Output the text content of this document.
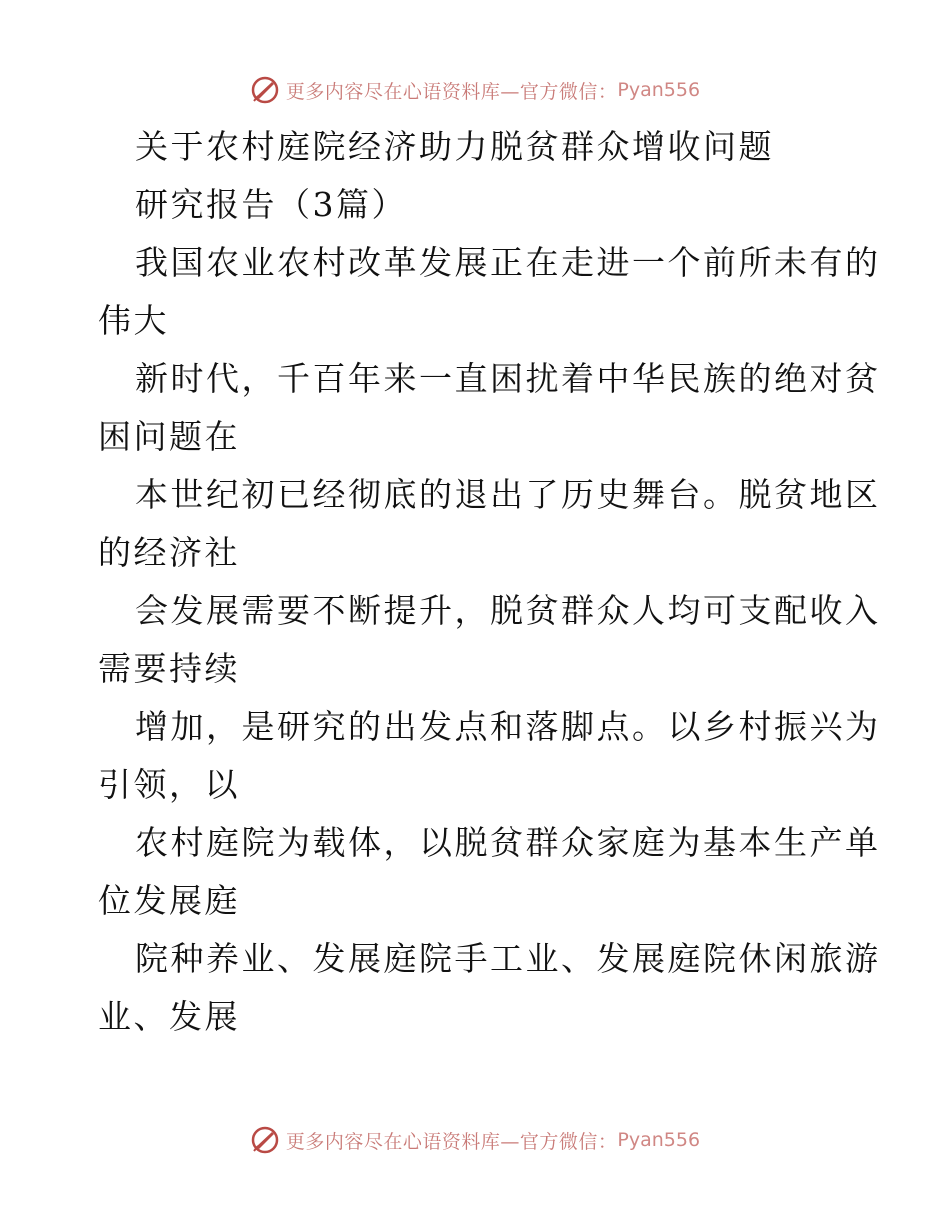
更多内容尽在心语资料库—官方微信： Pyan556
关于农村庭院经济助力脱贫群众增收问题
研究报告（3篇）
我国农业农村改革发展正在走进一个前所未有的
伟大
新时代，千百年来一直困扰着中华民族的绝对贫
困问题在
本世纪初已经彻底的退出了历史舞台。脱贫地区
的经济社
会发展需要不断提升，脱贫群众人均可支配收入
需要持续
增加，是研究的出发点和落脚点。以乡村振兴为
引领，以
农村庭院为载体，以脱贫群众家庭为基本生产单
位发展庭
院种养业、发展庭院手工业、发展庭院休闲旅游
业、发展
更多内容尽在心语资料库—官方微信： Pyan556
